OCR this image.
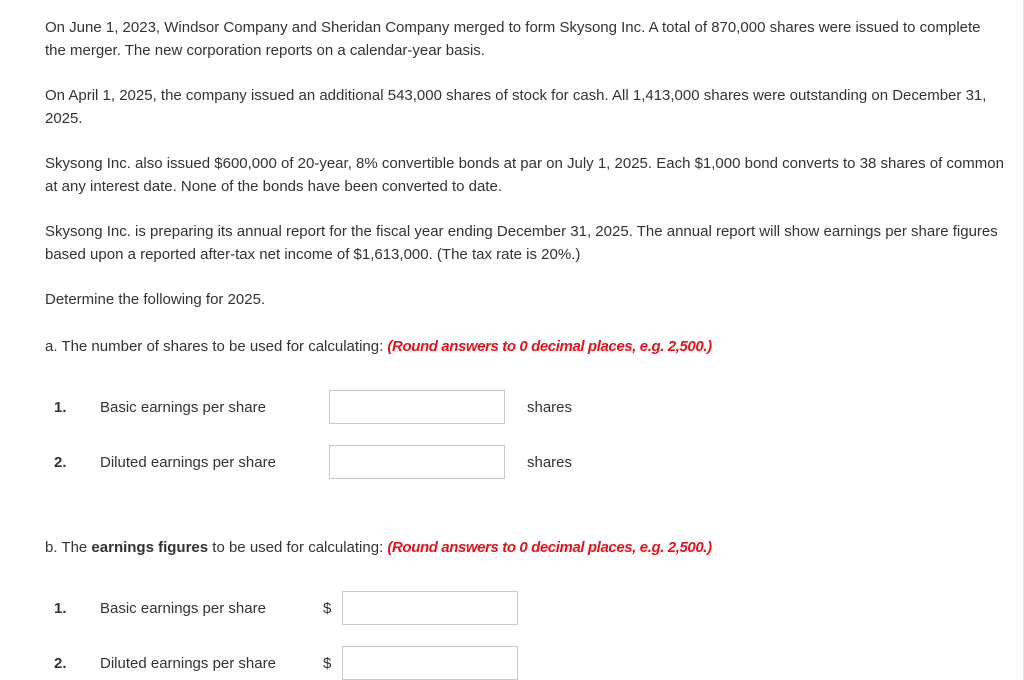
On June 1, 2023, Windsor Company and Sheridan Company merged to form Skysong Inc. A total of 870,000 shares were issued to complete the merger. The new corporation reports on a calendar-year basis.

On April 1, 2025, the company issued an additional 543,000 shares of stock for cash. All 1,413,000 shares were outstanding on December 31, 2025.

Skysong Inc. also issued $600,000 of 20-year, 8% convertible bonds at par on July 1, 2025. Each $1,000 bond converts to 38 shares of common at any interest date. None of the bonds have been converted to date.

Skysong Inc. is preparing its annual report for the fiscal year ending December 31, 2025. The annual report will show earnings per share figures based upon a reported after-tax net income of $1,613,000. (The tax rate is 20%.)

Determine the following for 2025.

a. The number of shares to be used for calculating: (Round answers to 0 decimal places, e.g. 2,500.)

1. Basic earnings per share	shares
2. Diluted earnings per share	shares

b. The earnings figures to be used for calculating: (Round answers to 0 decimal places, e.g. 2,500.)

1. Basic earnings per share	$
2. Diluted earnings per share	$
